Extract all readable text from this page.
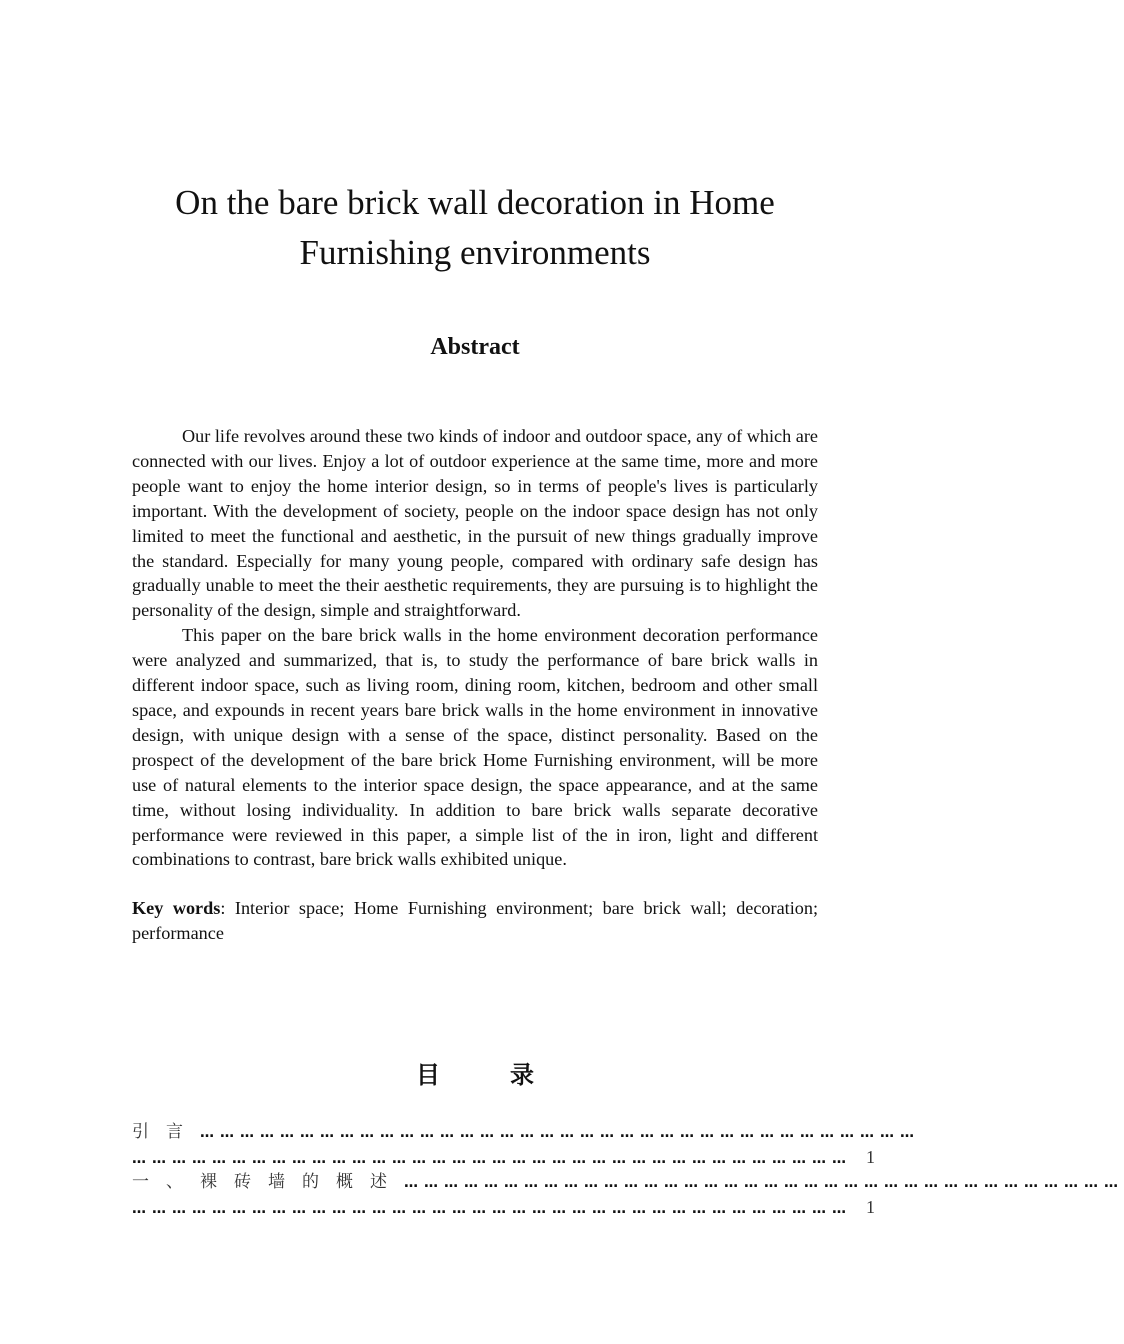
On the bare brick wall decoration in Home Furnishing environments
Abstract

Our life revolves around these two kinds of indoor and outdoor space, any of which are connected with our lives. Enjoy a lot of outdoor experience at the same time, more and more people want to enjoy the home interior design, so in terms of people's lives is particularly important. With the development of society, people on the indoor space design has not only limited to meet the functional and aesthetic, in the pursuit of new things gradually improve the standard. Especially for many young people, compared with ordinary safe design has gradually unable to meet the their aesthetic requirements, they are pursuing is to highlight the personality of the design, simple and straightforward.

This paper on the bare brick walls in the home environment decoration performance were analyzed and summarized, that is, to study the performance of bare brick walls in different indoor space, such as living room, dining room, kitchen, bedroom and other small space, and expounds in recent years bare brick walls in the home environment in innovative design, with unique design with a sense of the space, distinct personality. Based on the prospect of the development of the bare brick Home Furnishing environment, will be more use of natural elements to the interior space design, the space appearance, and at the same time, without losing individuality. In addition to bare brick walls separate decorative performance were reviewed in this paper, a simple list of the in iron, light and different combinations to contrast, bare brick walls exhibited unique.

Key words: Interior space; Home Furnishing environment; bare brick wall; decoration; performance

目录
引言 ………………………………………………………………………………………………
……………………………………………………………………………………………… 1
一、裸砖墙的概述 ………………………………………………………………………………………………
……………………………………………………………………………………………… 1
